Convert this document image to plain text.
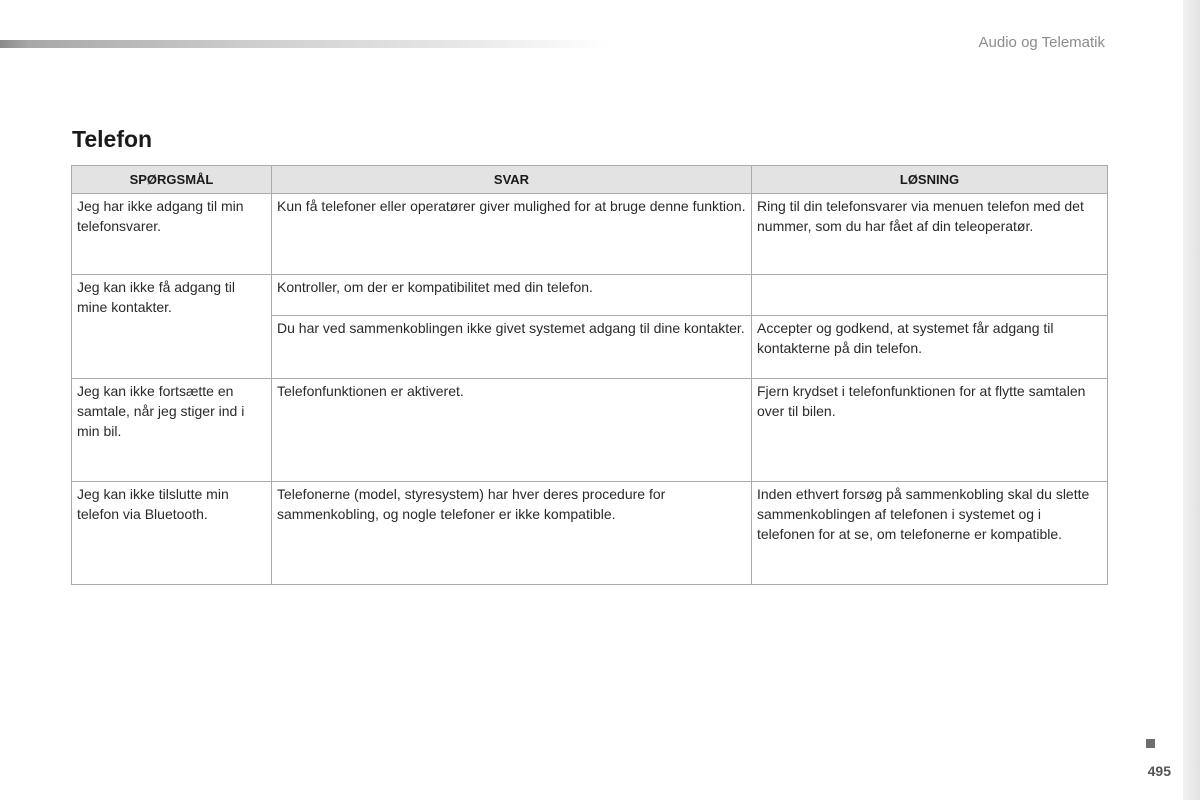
Audio og Telematik
Telefon
SPØRGSMÅL	SVAR	LØSNING
Jeg har ikke adgang til min telefonsvarer.	Kun få telefoner eller operatører giver mulighed for at bruge denne funktion.	Ring til din telefonsvarer via menuen telefon med det nummer, som du har fået af din teleoperatør.
Jeg kan ikke få adgang til mine kontakter.	Kontroller, om der er kompatibilitet med din telefon.	
	Du har ved sammenkoblingen ikke givet systemet adgang til dine kontakter.	Accepter og godkend, at systemet får adgang til kontakterne på din telefon.
Jeg kan ikke fortsætte en samtale, når jeg stiger ind i min bil.	Telefonfunktionen er aktiveret.	Fjern krydset i telefonfunktionen for at flytte samtalen over til bilen.
Jeg kan ikke tilslutte min telefon via Bluetooth.	Telefonerne (model, styresystem) har hver deres procedure for sammenkobling, og nogle telefoner er ikke kompatible.	Inden ethvert forsøg på sammenkobling skal du slette sammenkoblingen af telefonen i systemet og i telefonen for at se, om telefonerne er kompatible.
495
